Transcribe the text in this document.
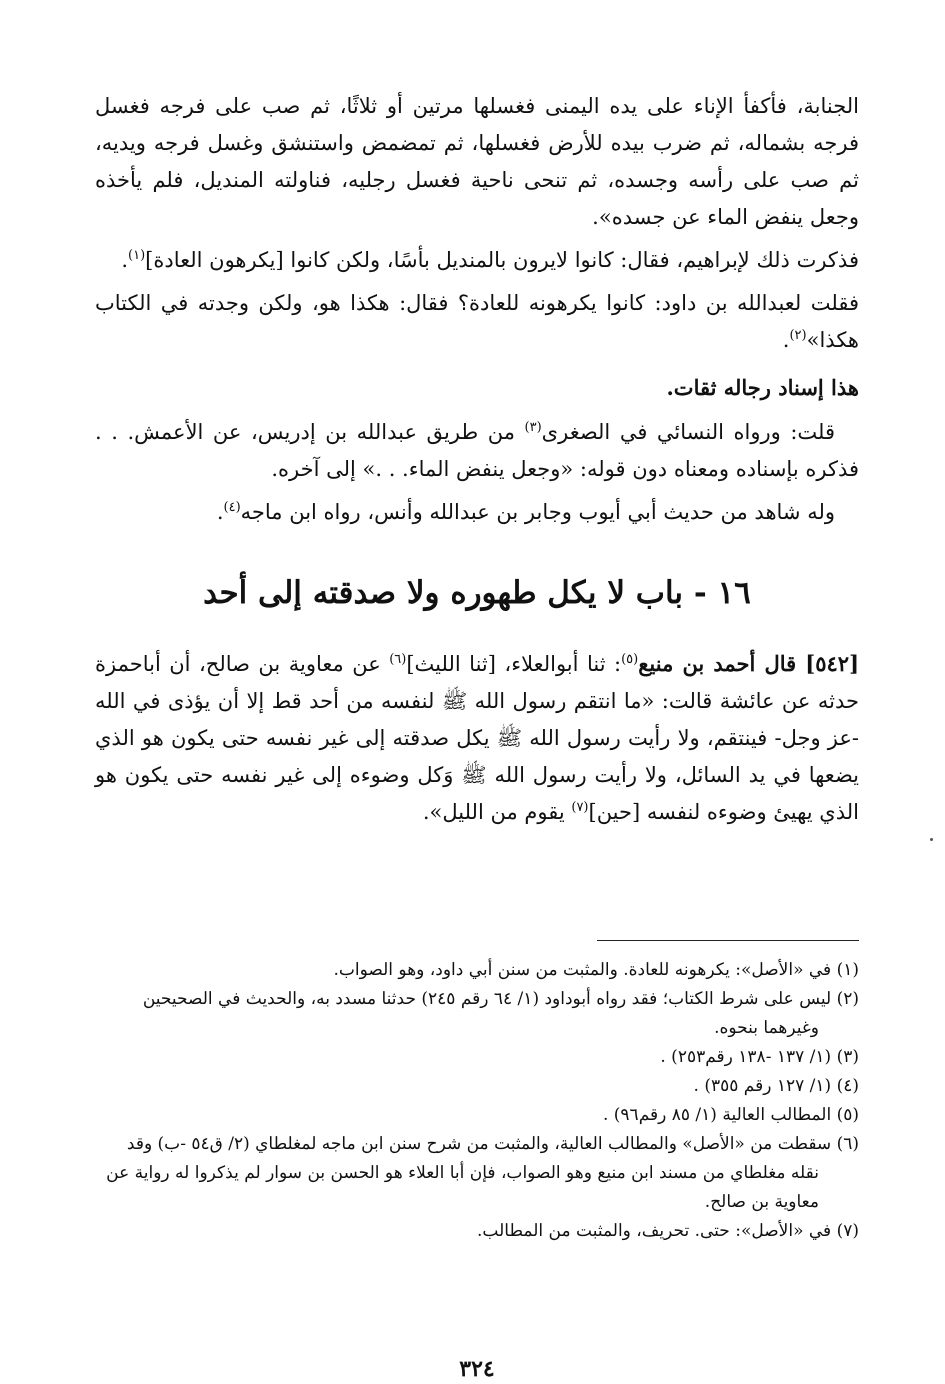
الجنابة، فأكفأ الإناء على يده اليمنى فغسلها مرتين أو ثلاثًا، ثم صب على فرجه فغسل فرجه بشماله، ثم ضرب بيده للأرض فغسلها، ثم تمضمض واستنشق وغسل فرجه ويديه، ثم صب على رأسه وجسده، ثم تنحى ناحية فغسل رجليه، فناولته المنديل، فلم يأخذه وجعل ينفض الماء عن جسده».

فذكرت ذلك لإبراهيم، فقال: كانوا لايرون بالمنديل بأسًا، ولكن كانوا [يكرهون العادة]$^{(١)}$.

فقلت لعبدالله بن داود: كانوا يكرهونه للعادة؟ فقال: هكذا هو، ولكن وجدته في الكتاب هكذا»$^{(٢)}$.

هذا إسناد رجاله ثقات.

قلت: ورواه النسائي في الصغرى$^{(٣)}$ من طريق عبدالله بن إدريس، عن الأعمش. . . فذكره بإسناده ومعناه دون قوله: «وجعل ينفض الماء. . .» إلى آخره.

وله شاهد من حديث أبي أيوب وجابر بن عبدالله وأنس، رواه ابن ماجه$^{(٤)}$.

١٦ - باب لا يكل طهوره ولا صدقته إلى أحد

[٥٤٢] قال أحمد بن منيع$^{(٥)}$: ثنا أبوالعلاء، [ثنا الليث]$^{(٦)}$ عن معاوية بن صالح، أن أباحمزة حدثه عن عائشة قالت: «ما انتقم رسول الله ﷺ لنفسه من أحد قط إلا أن يؤذى في الله -عز وجل- فينتقم، ولا رأيت رسول الله ﷺ يكل صدقته إلى غير نفسه حتى يكون هو الذي يضعها في يد السائل، ولا رأيت رسول الله ﷺ وَكل وضوءه إلى غير نفسه حتى يكون هو الذي يهيئ وضوءه لنفسه [حين]$^{(٧)}$ يقوم من الليل».

(١) في «الأصل»: يكرهونه للعادة. والمثبت من سنن أبي داود، وهو الصواب.

(٢) ليس على شرط الكتاب؛ فقد رواه أبوداود (١/ ٦٤ رقم ٢٤٥) حدثنا مسدد به، والحديث في الصحيحين وغيرهما بنحوه.

(٣) (١/ ١٣٧ -١٣٨ رقم٢٥٣) .

(٤) (١/ ١٢٧ رقم ٣٥٥) .

(٥) المطالب العالية (١/ ٨٥ رقم٩٦) .

(٦) سقطت من «الأصل» والمطالب العالية، والمثبت من شرح سنن ابن ماجه لمغلطاي (٢/ ق٥٤ -ب) وقد نقله مغلطاي من مسند ابن منيع وهو الصواب، فإن أبا العلاء هو الحسن بن سوار لم يذكروا له رواية عن معاوية بن صالح.

(٧) في «الأصل»: حتى. تحريف، والمثبت من المطالب.

٣٢٤
